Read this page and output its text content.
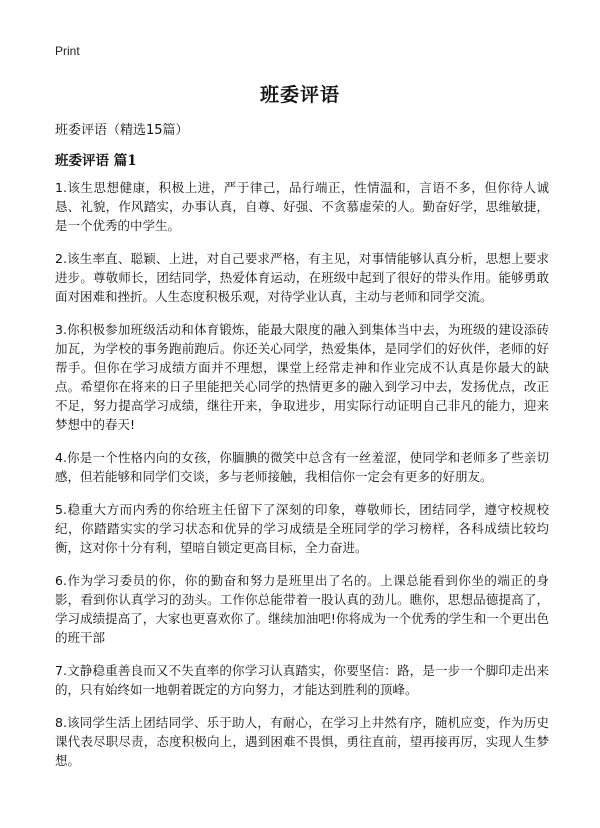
Print
班委评语
班委评语（精选15篇）
班委评语 篇1

1.该生思想健康，积极上进，严于律己，品行端正，性情温和，言语不多，但你待人诚恳、礼貌，作风踏实，办事认真，自尊、好强、不贪慕虚荣的人。勤奋好学，思维敏捷，是一个优秀的中学生。

2.该生率直、聪颖、上进，对自己要求严格，有主见，对事情能够认真分析，思想上要求进步。尊敬师长，团结同学，热爱体育运动，在班级中起到了很好的带头作用。能够勇敢面对困难和挫折。人生态度积极乐观，对待学业认真，主动与老师和同学交流。

3.你积极参加班级活动和体育锻炼，能最大限度的融入到集体当中去，为班级的建设添砖加瓦，为学校的事务跑前跑后。你还关心同学，热爱集体，是同学们的好伙伴，老师的好帮手。但你在学习成绩方面并不理想，课堂上经常走神和作业完成不认真是你最大的缺点。希望你在将来的日子里能把关心同学的热情更多的融入到学习中去，发扬优点，改正不足，努力提高学习成绩，继往开来，争取进步，用实际行动证明自己非凡的能力，迎来梦想中的春天!

4.你是一个性格内向的女孩，你腼腆的微笑中总含有一丝羞涩，使同学和老师多了些亲切感，但若能够和同学们交谈，多与老师接触，我相信你一定会有更多的好朋友。

5.稳重大方而内秀的你给班主任留下了深刻的印象，尊敬师长，团结同学，遵守校规校纪，你踏踏实实的学习状态和优异的学习成绩是全班同学的学习榜样，各科成绩比较均衡，这对你十分有利，望暗自锁定更高目标，全力奋进。

6.作为学习委员的你，你的勤奋和努力是班里出了名的。上课总能看到你坐的端正的身影，看到你认真学习的劲头。工作你总能带着一股认真的劲儿。瞧你，思想品德提高了，学习成绩提高了，大家也更喜欢你了。继续加油吧!你将成为一个优秀的学生和一个更出色的班干部

7.文静稳重善良而又不失直率的你学习认真踏实，你要坚信：路，是一步一个脚印走出来的，只有始终如一地朝着既定的方向努力，才能达到胜利的顶峰。

8.该同学生活上团结同学、乐于助人，有耐心，在学习上井然有序，随机应变，作为历史课代表尽职尽责，态度积极向上，遇到困难不畏惧，勇往直前，望再接再厉，实现人生梦想。
